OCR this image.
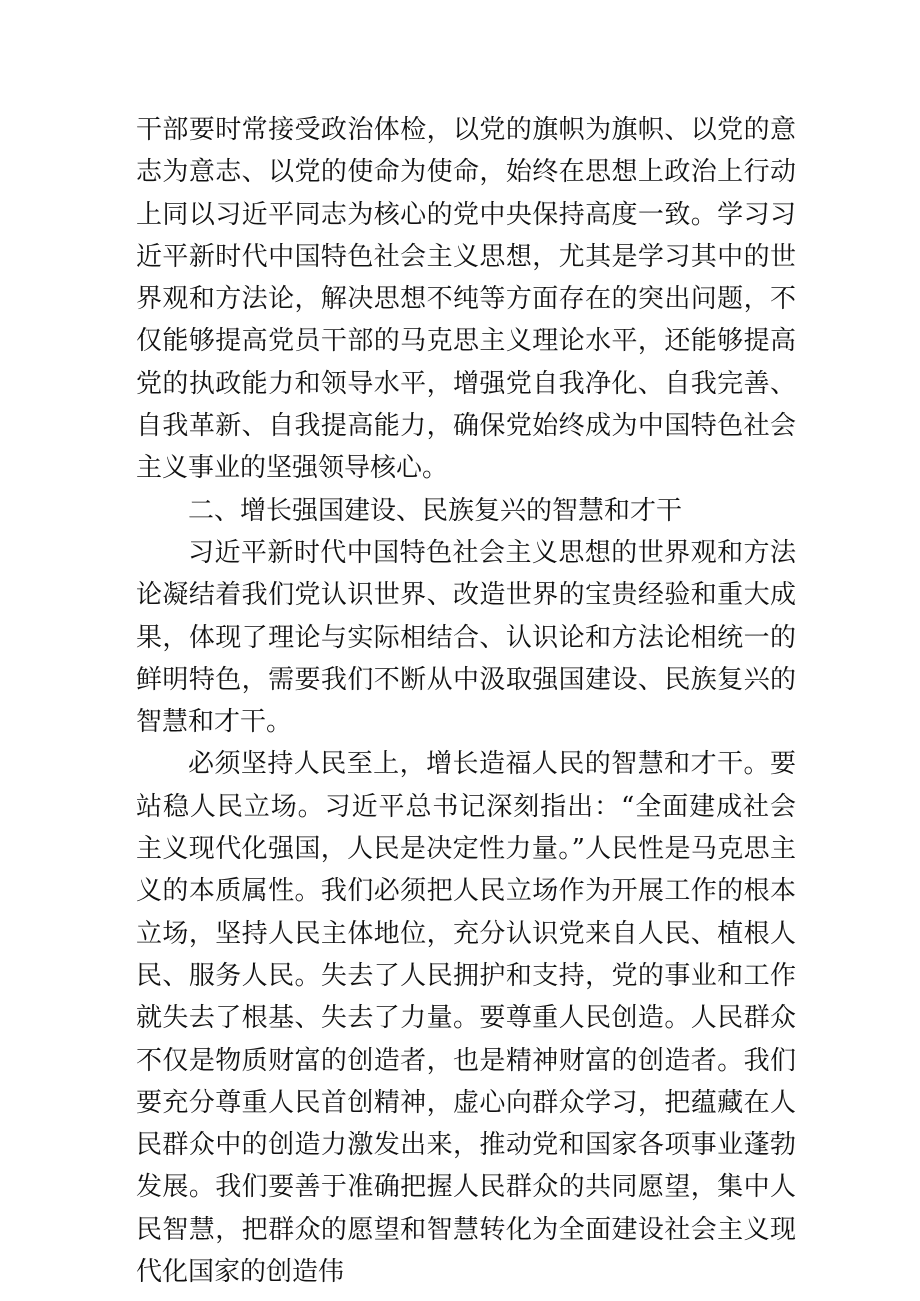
干部要时常接受政治体检，以党的旗帜为旗帜、以党的意志为意志、以党的使命为使命，始终在思想上政治上行动上同以习近平同志为核心的党中央保持高度一致。学习习近平新时代中国特色社会主义思想，尤其是学习其中的世界观和方法论，解决思想不纯等方面存在的突出问题，不仅能够提高党员干部的马克思主义理论水平，还能够提高党的执政能力和领导水平，增强党自我净化、自我完善、自我革新、自我提高能力，确保党始终成为中国特色社会主义事业的坚强领导核心。

二、增长强国建设、民族复兴的智慧和才干

习近平新时代中国特色社会主义思想的世界观和方法论凝结着我们党认识世界、改造世界的宝贵经验和重大成果，体现了理论与实际相结合、认识论和方法论相统一的鲜明特色，需要我们不断从中汲取强国建设、民族复兴的智慧和才干。

必须坚持人民至上，增长造福人民的智慧和才干。要站稳人民立场。习近平总书记深刻指出：“全面建成社会主义现代化强国，人民是决定性力量。”人民性是马克思主义的本质属性。我们必须把人民立场作为开展工作的根本立场，坚持人民主体地位，充分认识党来自人民、植根人民、服务人民。失去了人民拥护和支持，党的事业和工作就失去了根基、失去了力量。要尊重人民创造。人民群众不仅是物质财富的创造者，也是精神财富的创造者。我们要充分尊重人民首创精神，虚心向群众学习，把蕴藏在人民群众中的创造力激发出来，推动党和国家各项事业蓬勃发展。我们要善于准确把握人民群众的共同愿望，集中人民智慧，把群众的愿望和智慧转化为全面建设社会主义现代化国家的创造伟
